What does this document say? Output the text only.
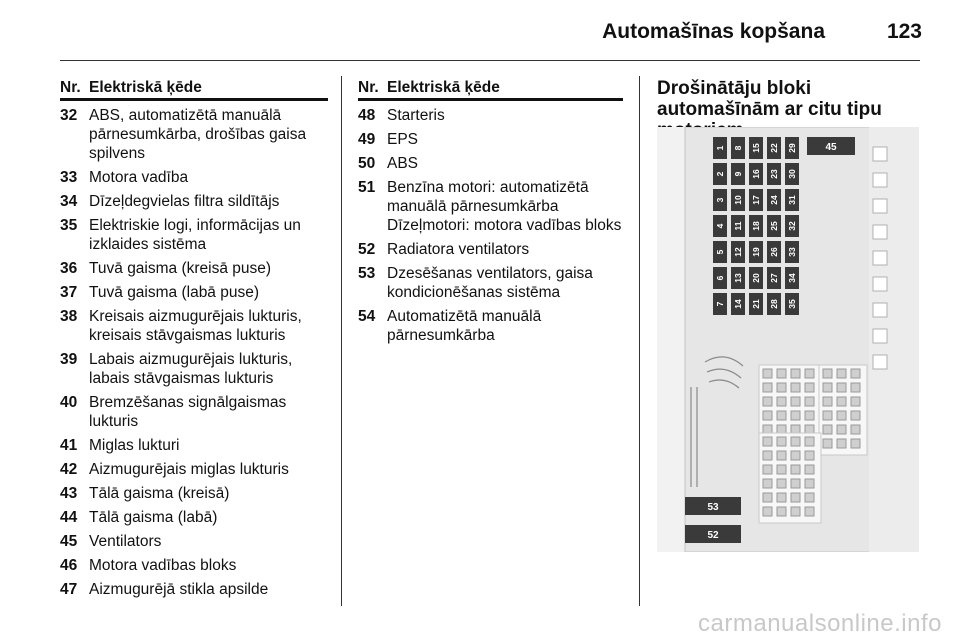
Automašīnas kopšana	123
Nr. Elektriskā ķēde
32 ABS, automatizētā manuālā pārnesumkārba, drošības gaisa spilvens
33 Motora vadība
34 Dīzeļdegvielas filtra sildītājs
35 Elektriskie logi, informācijas un izklaides sistēma
36 Tuvā gaisma (kreisā puse)
37 Tuvā gaisma (labā puse)
38 Kreisais aizmugurējais lukturis, kreisais stāvgaismas lukturis
39 Labais aizmugurējais lukturis, labais stāvgaismas lukturis
40 Bremzēšanas signālgaismas lukturis
41 Miglas lukturi
42 Aizmugurējais miglas lukturis
43 Tālā gaisma (kreisā)
44 Tālā gaisma (labā)
45 Ventilators
46 Motora vadības bloks
47 Aizmugurējā stikla apsilde
Nr. Elektriskā ķēde
48 Starteris
49 EPS
50 ABS
51 Benzīna motori: automatizētā manuālā pārnesumkārba Dīzeļmotori: motora vadības bloks
52 Radiatora ventilators
53 Dzesēšanas ventilators, gaisa kondicionēšanas sistēma
54 Automatizētā manuālā pārnesumkārba
Drošinātāju bloki automašīnām ar citu tipu
1
2
3
4
5
6
7
8
9
10
11
12
13
14
15
16
17
18
19
20
21
22
23
24
25
26
27
28
29
30
31
32
33
34
35
45
53
52
carmanualsonline.info
